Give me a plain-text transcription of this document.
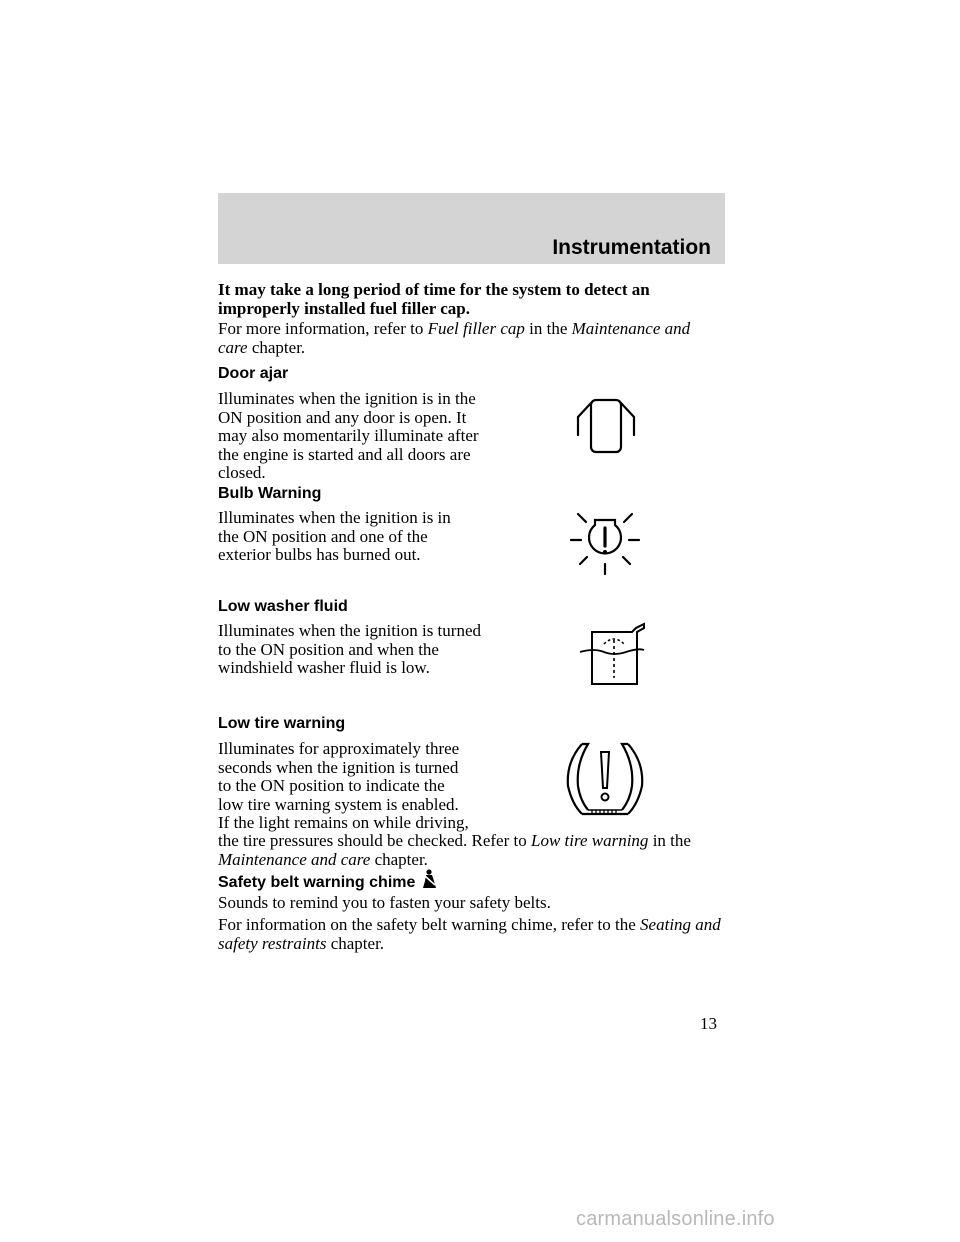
Instrumentation
It may take a long period of time for the system to detect an improperly installed fuel filler cap.
For more information, refer to Fuel filler cap in the Maintenance and care chapter.
Door ajar
Illuminates when the ignition is in the ON position and any door is open. It may also momentarily illuminate after the engine is started and all doors are closed.
Bulb Warning
Illuminates when the ignition is in the ON position and one of the exterior bulbs has burned out.
Low washer fluid
Illuminates when the ignition is turned to the ON position and when the windshield washer fluid is low.
Low tire warning
Illuminates for approximately three
seconds when the ignition is turned
to the ON position to indicate the
low tire warning system is enabled.
If the light remains on while driving,
the tire pressures should be checked. Refer to Low tire warning in the
Maintenance and care chapter.
Safety belt warning chime
Sounds to remind you to fasten your safety belts.
For information on the safety belt warning chime, refer to the Seating and safety restraints chapter.
13
carmanualsonline.info
